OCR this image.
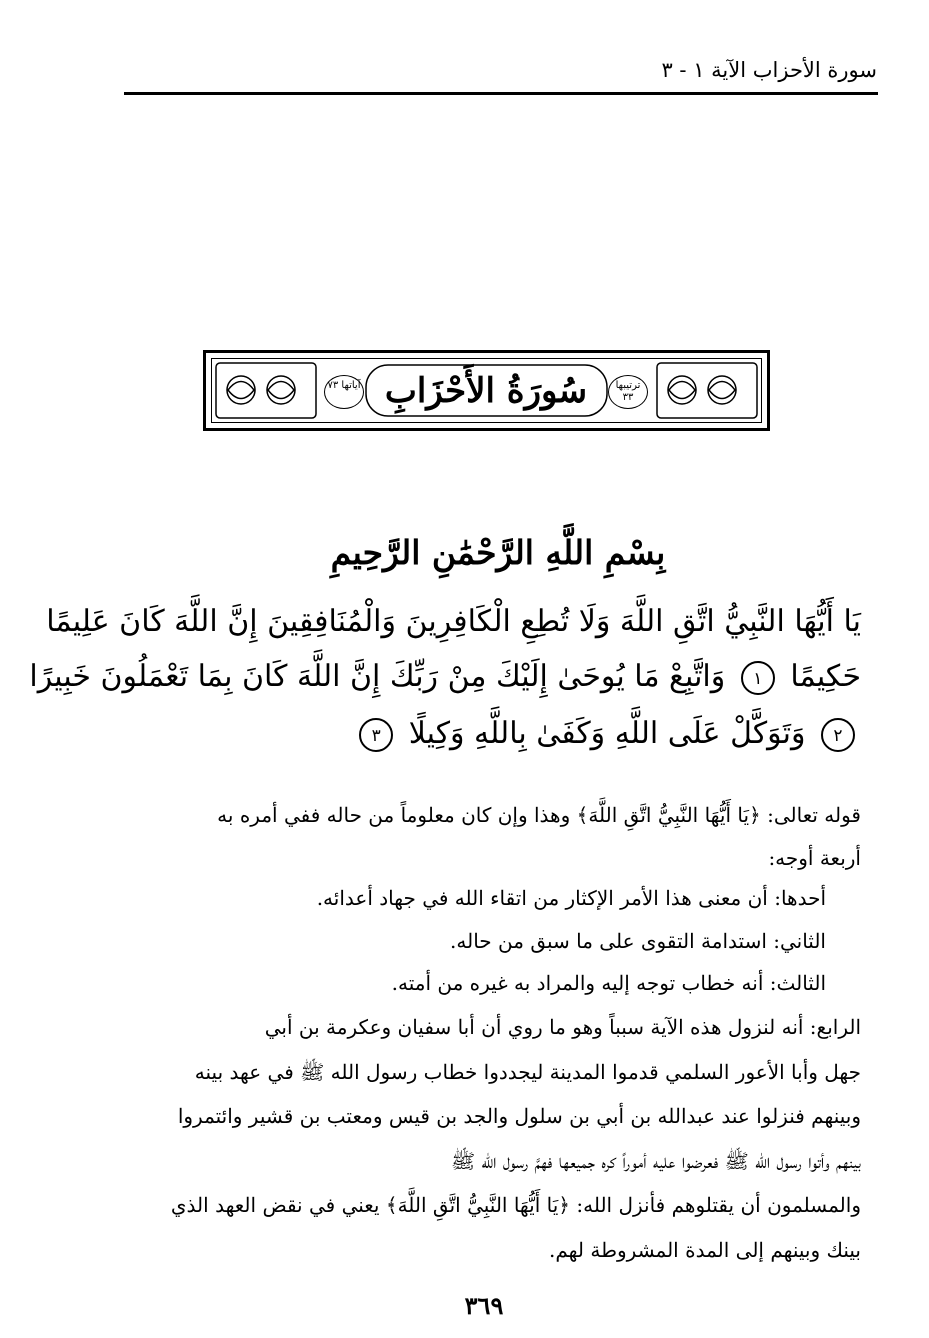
سورة الأحزاب الآية ١ - ٣
آياتها ٧٣ سُورَةُ الأَحْزَابِ	ترتيبها ٣٣
بِسْمِ اللَّهِ الرَّحْمَٰنِ الرَّحِيمِ
يَا أَيُّهَا النَّبِيُّ اتَّقِ اللَّهَ وَلَا تُطِعِ الْكَافِرِينَ وَالْمُنَافِقِينَ إِنَّ اللَّهَ كَانَ عَلِيمًا
حَكِيمًا ١ وَاتَّبِعْ مَا يُوحَىٰ إِلَيْكَ مِنْ رَبِّكَ إِنَّ اللَّهَ كَانَ بِمَا تَعْمَلُونَ خَبِيرًا
٢ وَتَوَكَّلْ عَلَى اللَّهِ وَكَفَىٰ بِاللَّهِ وَكِيلًا ٣
قوله تعالى: ﴿يَا أَيُّهَا النَّبِيُّ اتَّقِ اللَّهَ﴾ وهذا وإن كان معلوماً من حاله ففي أمره به
أربعة أوجه:
أحدها: أن معنى هذا الأمر الإكثار من اتقاء الله في جهاد أعدائه.
الثاني: استدامة التقوى على ما سبق من حاله.
الثالث: أنه خطاب توجه إليه والمراد به غيره من أمته.
الرابع: أنه لنزول هذه الآية سبباً وهو ما روي أن أبا سفيان وعكرمة بن أبي
جهل وأبا الأعور السلمي قدموا المدينة ليجددوا خطاب رسول الله ﷺ في عهد بينه
وبينهم فنزلوا عند عبدالله بن أبي بن سلول والجد بن قيس ومعتب بن قشير وائتمروا
بينهم وأتوا رسول الله ﷺ فعرضوا عليه أموراً كره جميعها فهمَّ رسول الله ﷺ
والمسلمون أن يقتلوهم فأنزل الله: ﴿يَا أَيُّهَا النَّبِيُّ اتَّقِ اللَّهَ﴾ يعني في نقض العهد الذي
بينك وبينهم إلى المدة المشروطة لهم.
٣٦٩
